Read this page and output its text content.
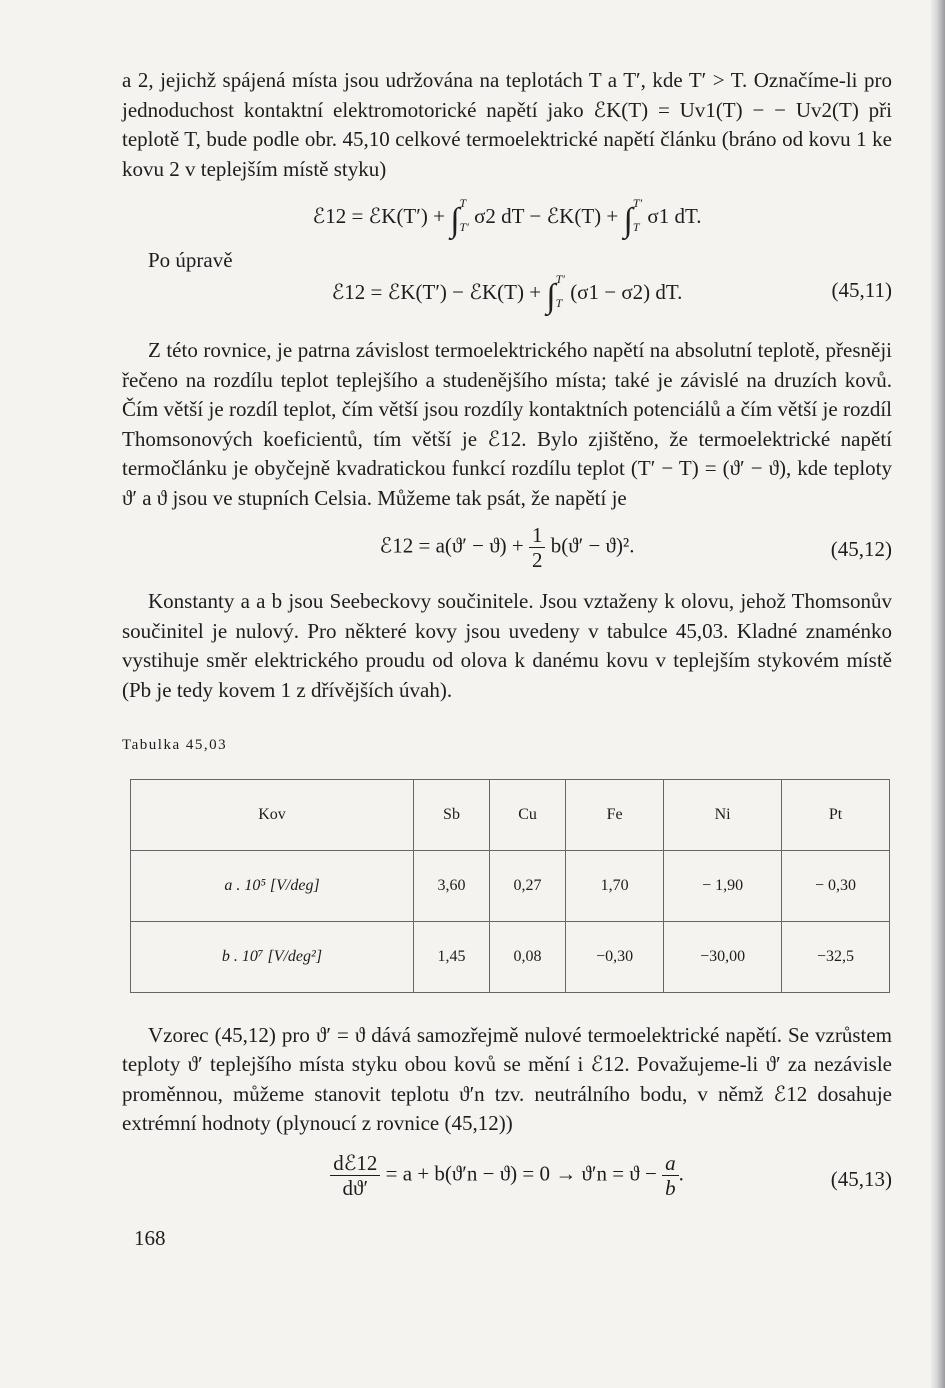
a 2, jejichž spájená místa jsou udržována na teplotách T a T′, kde T′ > T. Označíme-li pro jednoduchost kontaktní elektromotorické napětí jako ℰK(T) = Uv1(T) − − Uv2(T) při teplotě T, bude podle obr. 45,10 celkové termoelektrické napětí článku (bráno od kovu 1 ke kovu 2 v teplejším místě styku)

ℰ12 = ℰK(T′) + ∫T

T′ σ2 dT − ℰK(T) + ∫T′

T σ1 dT.
Po úpravě
ℰ12 = ℰK(T′) − ℰK(T) + ∫T′

T (σ1 − σ2) dT.	(45,11)

Z této rovnice, je patrna závislost termoelektrického napětí na absolutní teplotě, přesněji řečeno na rozdílu teplot teplejšího a studenějšího místa; také je závislé na druzích kovů. Čím větší je rozdíl teplot, čím větší jsou rozdíly kontaktních potenciálů a čím větší je rozdíl Thomsonových koeficientů, tím větší je ℰ12. Bylo zjištěno, že termoelektrické napětí termočlánku je obyčejně kvadratickou funkcí rozdílu teplot (T′ − T) = (ϑ′ − ϑ), kde teploty ϑ′ a ϑ jsou ve stupních Celsia. Můžeme tak psát, že napětí je

ℰ12 = $a(ϑ' - ϑ) + \frac{1}{2} b(ϑ' - ϑ)^2$.	(45,12)

Konstanty a a b jsou Seebeckovy součinitele. Jsou vztaženy k olovu, jehož Thomsonův součinitel je nulový. Pro některé kovy jsou uvedeny v tabulce 45,03. Kladné znaménko vystihuje směr elektrického proudu od olova k danému kovu v teplejším stykovém místě (Pb je tedy kovem 1 z dřívějších úvah).

Tabulka 45,03
Kov	Sb	Cu	Fe	Ni	Pt
a . 10⁵ [V/deg]	3,60	0,27	1,70	− 1,90	− 0,30
b . 10⁷ [V/deg²]	1,45	0,08	−0,30	−30,00	−32,5

Vzorec (45,12) pro ϑ′ = ϑ dává samozřejmě nulové termoelektrické napětí. Se vzrůstem teploty ϑ′ teplejšího místa styku obou kovů se mění i ℰ12. Považujeme-li ϑ′ za nezávisle proměnnou, můžeme stanovit teplotu ϑ′n tzv. neutrálního bodu, v němž ℰ12 dosahuje extrémní hodnoty (plynoucí z rovnice (45,12))

$\frac{\text{dℰ12}}{dϑ'} = a + b(ϑ'n - ϑ) = 0 \to ϑ'n = ϑ - \frac{a}{b}$ .	(45,13)
168
